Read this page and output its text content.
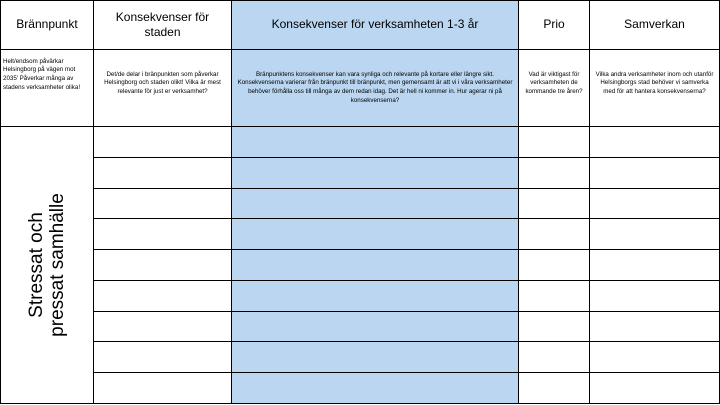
Brännpunkt	Konsekvenser för staden	Konsekvenser för verksamheten 1-3 år	Prio	Samverkan
Helt/endsom påvärkar Helsingborg på vägen mot 2035' Påverkar många av stadens verksamheter olika!	Det/de delar i bränpunkten som påverkar Helsingborg och staden olikt! Vilka är mest relevante för just er verksamhet?	Bränpunktens konsekvenser kan vara synliga och relevante på kortare eller längre sikt. Konsekvenserna varierar från bränpunkt till bränpunkt, men gemensamt är att vi i våra verksamheter behöver förhålla oss till många av dem redan idag. Det är hell ni kommer in. Hur agerar ni på konsekvenserna?	Vad är viktigast för verksamheten de kommande tre åren?	Vilka andra verksamheter inom och utanför Helsingborgs stad behöver vi samverka med för att hantera konsekvenserna?

Stressat och pressat samhälle				
